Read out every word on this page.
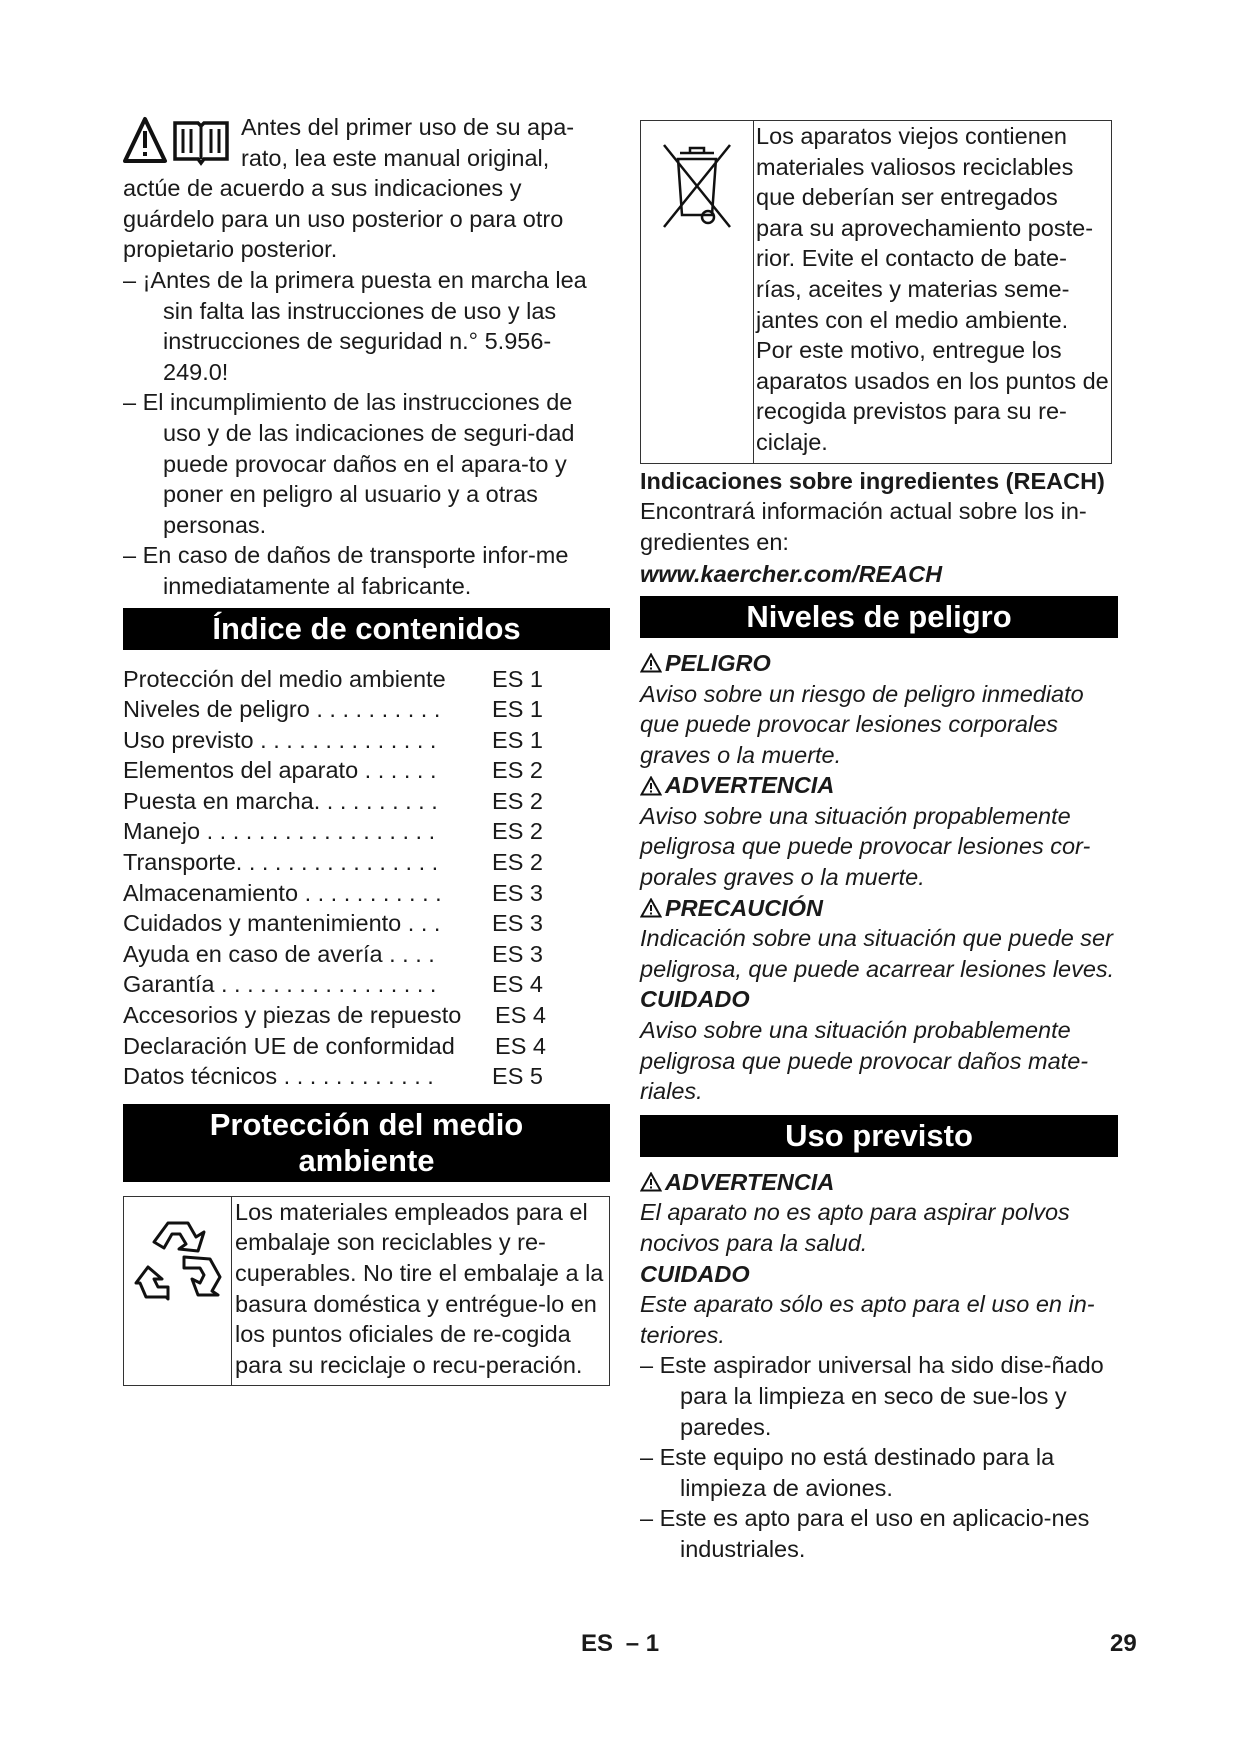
Antes del primer uso de su apa-rato, lea este manual original, actúe de acuerdo a sus indicaciones y guárdelo para un uso posterior o para otro propietario posterior.

– ¡Antes de la primera puesta en marcha lea sin falta las instrucciones de uso y las instrucciones de seguridad n.° 5.956-249.0!

– El incumplimiento de las instrucciones de uso y de las indicaciones de seguri-dad puede provocar daños en el apara-to y poner en peligro al usuario y a otras personas.

– En caso de daños de transporte infor-me inmediatamente al fabricante.

Índice de contenidos
Protección del medio ambiente ES 1
Niveles de peligro . . . . . . . . . . ES 1
Uso previsto . . . . . . . . . . . . . . ES 1
Elementos del aparato . . . . . . ES 2
Puesta en marcha. . . . . . . . . . ES 2
Manejo . . . . . . . . . . . . . . . . . . ES 2
Transporte. . . . . . . . . . . . . . . . ES 2
Almacenamiento . . . . . . . . . . . ES 3
Cuidados y mantenimiento . . . ES 3
Ayuda en caso de avería . . . . ES 3
Garantía . . . . . . . . . . . . . . . . . ES 4
Accesorios y piezas de repuesto ES 4
Declaración UE de conformidad ES 4
Datos técnicos . . . . . . . . . . . . ES 5
Protección del medio
ambiente
Los materiales empleados para el embalaje son reciclables y re-cuperables. No tire el embalaje a la basura doméstica y entrégue-lo en los puntos oficiales de re-cogida para su reciclaje o recu-peración.
Los aparatos viejos contienen materiales valiosos reciclables que deberían ser entregados para su aprovechamiento poste-rior. Evite el contacto de bate-rías, aceites y materias seme-jantes con el medio ambiente. Por este motivo, entregue los aparatos usados en los puntos de recogida previstos para su re-ciclaje.

Indicaciones sobre ingredientes (REACH)

Encontrará información actual sobre los in-gredientes en:

www.kaercher.com/REACH

Niveles de peligro
PELIGRO

Aviso sobre un riesgo de peligro inmediato que puede provocar lesiones corporales graves o la muerte.

ADVERTENCIA

Aviso sobre una situación propablemente peligrosa que puede provocar lesiones cor-porales graves o la muerte.

PRECAUCIÓN

Indicación sobre una situación que puede ser peligrosa, que puede acarrear lesiones leves.

CUIDADO

Aviso sobre una situación probablemente peligrosa que puede provocar daños mate-riales.

Uso previsto
ADVERTENCIA

El aparato no es apto para aspirar polvos nocivos para la salud.

CUIDADO

Este aparato sólo es apto para el uso en in-teriores.

– Este aspirador universal ha sido dise-ñado para la limpieza en seco de sue-los y paredes.

– Este equipo no está destinado para la limpieza de aviones.

– Este es apto para el uso en aplicacio-nes industriales.

ES – 1	29
